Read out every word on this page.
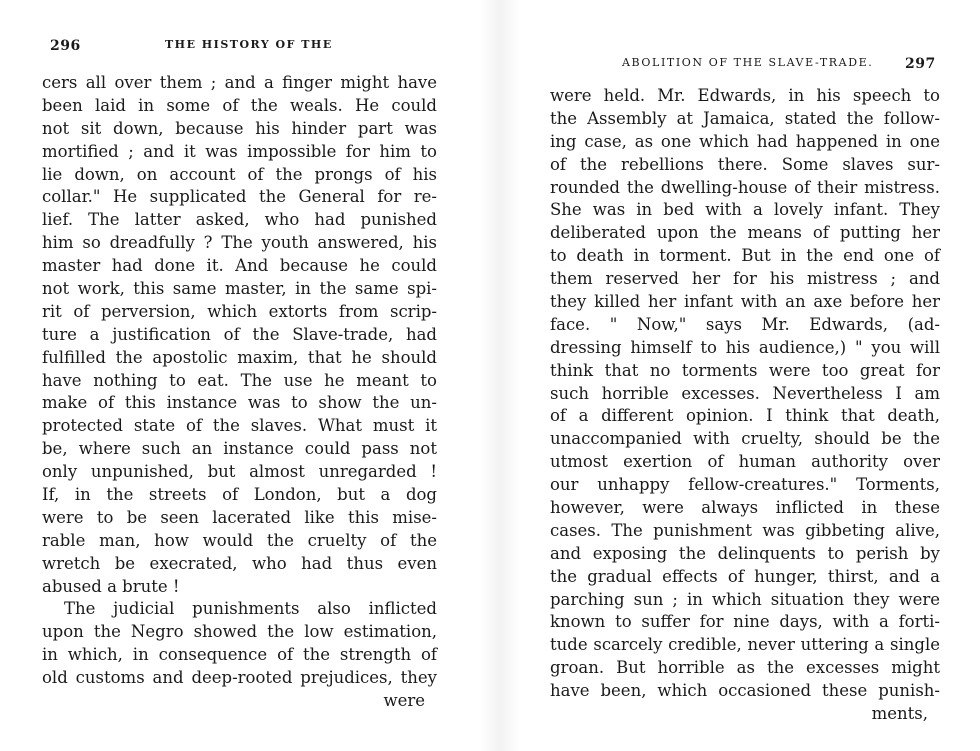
296	THE HISTORY OF THE
cers all over them ; and a finger might have
been laid in some of the weals. He could
not sit down, because his hinder part was
mortified ; and it was impossible for him to
lie down, on account of the prongs of his
collar." He supplicated the General for re-
lief. The latter asked, who had punished
him so dreadfully ? The youth answered, his
master had done it. And because he could
not work, this same master, in the same spi-
rit of perversion, which extorts from scrip-
ture a justification of the Slave-trade, had
fulfilled the apostolic maxim, that he should
have nothing to eat. The use he meant to
make of this instance was to show the un-
protected state of the slaves. What must it
be, where such an instance could pass not
only unpunished, but almost unregarded !
If, in the streets of London, but a dog
were to be seen lacerated like this mise-
rable man, how would the cruelty of the
wretch be execrated, who had thus even
abused a brute !
The judicial punishments also inflicted
upon the Negro showed the low estimation,
in which, in consequence of the strength of
old customs and deep-rooted prejudices, they
were
ABOLITION OF THE SLAVE-TRADE. 297
were held. Mr. Edwards, in his speech to
the Assembly at Jamaica, stated the follow-
ing case, as one which had happened in one
of the rebellions there. Some slaves sur-
rounded the dwelling-house of their mistress.
She was in bed with a lovely infant. They
deliberated upon the means of putting her
to death in torment. But in the end one of
them reserved her for his mistress ; and
they killed her infant with an axe before her
face. " Now," says Mr. Edwards, (ad-
dressing himself to his audience,) " you will
think that no torments were too great for
such horrible excesses. Nevertheless I am
of a different opinion. I think that death,
unaccompanied with cruelty, should be the
utmost exertion of human authority over
our unhappy fellow-creatures." Torments,
however, were always inflicted in these
cases. The punishment was gibbeting alive,
and exposing the delinquents to perish by
the gradual effects of hunger, thirst, and a
parching sun ; in which situation they were
known to suffer for nine days, with a forti-
tude scarcely credible, never uttering a single
groan. But horrible as the excesses might
have been, which occasioned these punish-
ments,
